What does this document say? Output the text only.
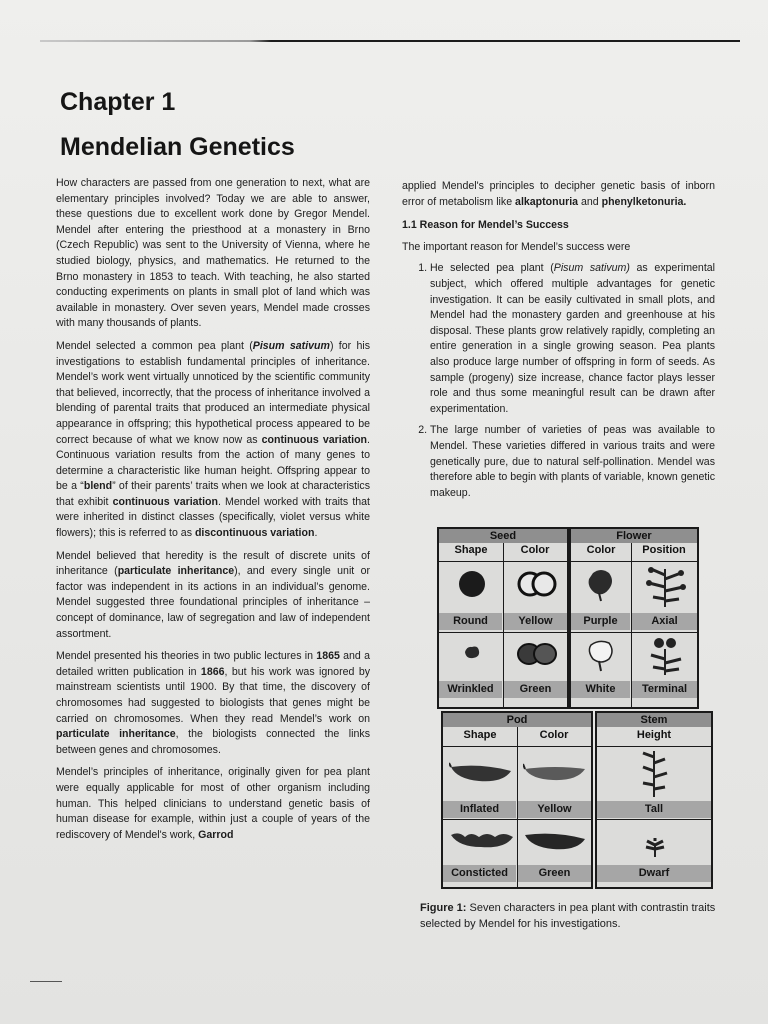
Chapter 1
Mendelian Genetics

How characters are passed from one generation to next, what are elementary principles involved? Today we are able to answer, these questions due to excellent work done by Gregor Mendel. Mendel after entering the priesthood at a monastery in Brno (Czech Republic) was sent to the University of Vienna, where he studied biology, physics, and mathematics. He returned to the Brno monastery in 1853 to teach. With teaching, he also started conducting experiments on plants in small plot of land which was available in monastery. Over seven years, Mendel made crosses with many thousands of plants.

Mendel selected a common pea plant (Pisum sativum) for his investigations to establish fundamental principles of inheritance. Mendel’s work went virtually unnoticed by the scientific community that believed, incorrectly, that the process of inheritance involved a blending of parental traits that produced an intermediate physical appearance in offspring; this hypothetical process appeared to be correct because of what we know now as continuous variation. Continuous variation results from the action of many genes to determine a characteristic like human height. Offspring appear to be a “blend” of their parents’ traits when we look at characteristics that exhibit continuous variation. Mendel worked with traits that were inherited in distinct classes (specifically, violet versus white flowers); this is referred to as discontinuous variation.

Mendel believed that heredity is the result of discrete units of inheritance (particulate inheritance), and every single unit or factor was independent in its actions in an individual’s genome. Mendel suggested three foundational principles of inheritance – concept of dominance, law of segregation and law of independent assortment.

Mendel presented his theories in two public lectures in 1865 and a detailed written publication in 1866, but his work was ignored by mainstream scientists until 1900. By that time, the discovery of chromosomes had suggested to biologists that genes might be carried on chromosomes. When they read Mendel’s work on particulate inheritance, the biologists connected the links between genes and chromosomes.

Mendel’s principles of inheritance, originally given for pea plant were equally applicable for most of other organism including human. This helped clinicians to understand genetic basis of human disease for example, within just a couple of years of the rediscovery of Mendel's work, Garrod

applied Mendel's principles to decipher genetic basis of inborn error of metabolism like alkaptonuria and phenylketonuria.

1.1 Reason for Mendel’s Success

The important reason for Mendel’s success were

1. He selected pea plant (Pisum sativum) as experimental subject, which offered multiple advantages for genetic investigation. It can be easily cultivated in small plots, and Mendel had the monastery garden and greenhouse at his disposal. These plants grow relatively rapidly, completing an entire generation in a single growing season. Pea plants also produce large number of offspring in form of seeds. As sample (progeny) size increase, chance factor plays lesser role and thus some meaningful result can be drawn after experimentation.
2. The large number of varieties of peas was available to Mendel. These varieties differed in various traits and were genetically pure, due to natural self-pollination. Mendel was therefore able to begin with plants of variable, known genetic makeup.
Seed
Shape	Color
Round	Yellow
Wrinkled	Green
Flower
Color	Position
Purple	Axial
White	Terminal
Pod
Shape	Color
Inflated	Yellow
Consticted	Green
Stem
Height
Tall
Dwarf
Figure 1: Seven characters in pea plant with contrastin traits selected by Mendel for his investigations.
